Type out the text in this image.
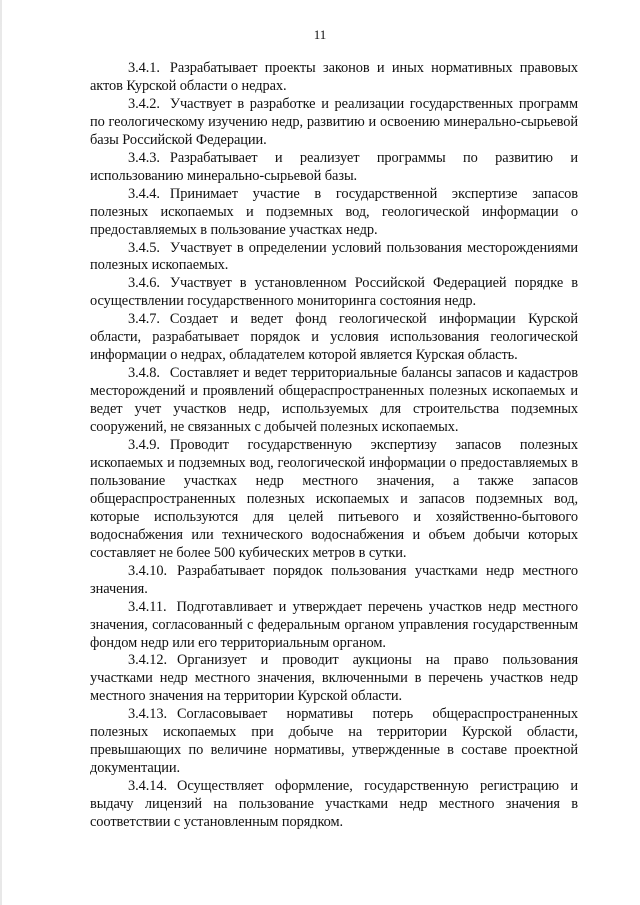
11

3.4.1. Разрабатывает проекты законов и иных нормативных правовых актов Курской области о недрах.

3.4.2. Участвует в разработке и реализации государственных программ по геологическому изучению недр, развитию и освоению минерально-сырьевой базы Российской Федерации.

3.4.3. Разрабатывает и реализует программы по развитию и использованию минерально-сырьевой базы.

3.4.4. Принимает участие в государственной экспертизе запасов полезных ископаемых и подземных вод, геологической информации о предоставляемых в пользование участках недр.

3.4.5. Участвует в определении условий пользования месторождениями полезных ископаемых.

3.4.6. Участвует в установленном Российской Федерацией порядке в осуществлении государственного мониторинга состояния недр.

3.4.7. Создает и ведет фонд геологической информации Курской области, разрабатывает порядок и условия использования геологической информации о недрах, обладателем которой является Курская область.

3.4.8. Составляет и ведет территориальные балансы запасов и кадастров месторождений и проявлений общераспространенных полезных ископаемых и ведет учет участков недр, используемых для строительства подземных сооружений, не связанных с добычей полезных ископаемых.

3.4.9. Проводит государственную экспертизу запасов полезных ископаемых и подземных вод, геологической информации о предоставляемых в пользование участках недр местного значения, а также запасов общераспространенных полезных ископаемых и запасов подземных вод, которые используются для целей питьевого и хозяйственно-бытового водоснабжения или технического водоснабжения и объем добычи которых составляет не более 500 кубических метров в сутки.

3.4.10. Разрабатывает порядок пользования участками недр местного значения.

3.4.11. Подготавливает и утверждает перечень участков недр местного значения, согласованный с федеральным органом управления государственным фондом недр или его территориальным органом.

3.4.12. Организует и проводит аукционы на право пользования участками недр местного значения, включенными в перечень участков недр местного значения на территории Курской области.

3.4.13. Согласовывает нормативы потерь общераспространенных полезных ископаемых при добыче на территории Курской области, превышающих по величине нормативы, утвержденные в составе проектной документации.

3.4.14. Осуществляет оформление, государственную регистрацию и выдачу лицензий на пользование участками недр местного значения в соответствии с установленным порядком.
